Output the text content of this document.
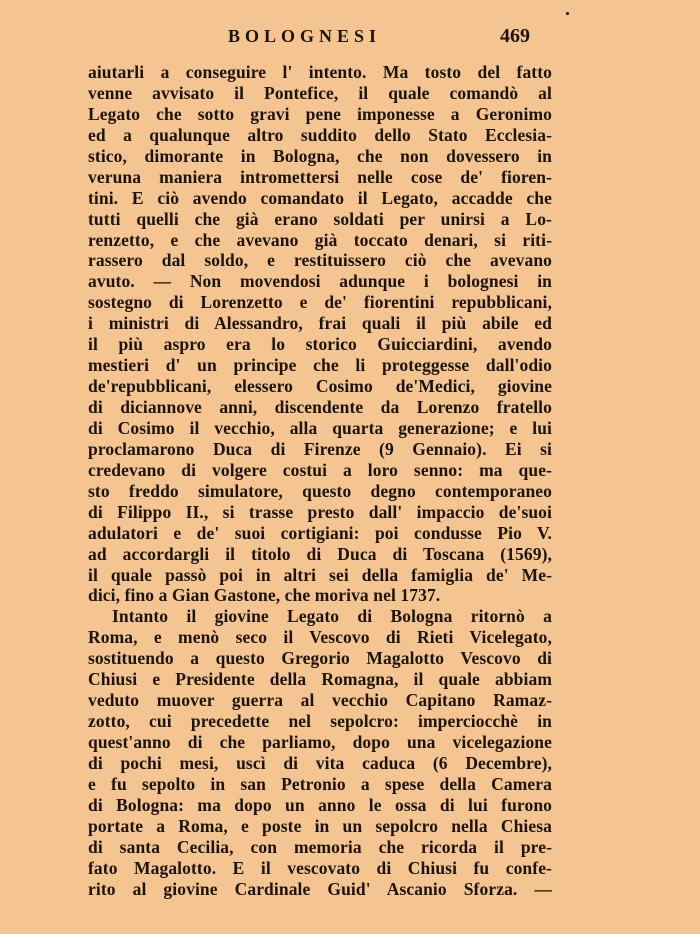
BOLOGNESI	469
aiutarli a conseguire l' intento. Ma tosto del fatto
venne avvisato il Pontefice, il quale comandò al
Legato che sotto gravi pene imponesse a Geronimo
ed a qualunque altro suddito dello Stato Ecclesia-
stico, dimorante in Bologna, che non dovessero in
veruna maniera intromettersi nelle cose de' fioren-
tini. E ciò avendo comandato il Legato, accadde che
tutti quelli che già erano soldati per unirsi a Lo-
renzetto, e che avevano già toccato denari, si riti-
rassero dal soldo, e restituissero ciò che avevano
avuto. — Non movendosi adunque i bolognesi in
sostegno di Lorenzetto e de' fiorentini repubblicani,
i ministri di Alessandro, frai quali il più abile ed
il più aspro era lo storico Guicciardini, avendo
mestieri d' un principe che li proteggesse dall'odio
de'repubblicani, elessero Cosimo de'Medici, giovine
di diciannove anni, discendente da Lorenzo fratello
di Cosimo il vecchio, alla quarta generazione; e lui
proclamarono Duca di Firenze (9 Gennaio). Ei si
credevano di volgere costui a loro senno: ma que-
sto freddo simulatore, questo degno contemporaneo
di Filippo II., si trasse presto dall' impaccio de'suoi
adulatori e de' suoi cortigiani: poi condusse Pio V.
ad accordargli il titolo di Duca di Toscana (1569),
il quale passò poi in altri sei della famiglia de' Me-
dici, fino a Gian Gastone, che moriva nel 1737.
Intanto il giovine Legato di Bologna ritornò a
Roma, e menò seco il Vescovo di Rieti Vicelegato,
sostituendo a questo Gregorio Magalotto Vescovo di
Chiusi e Presidente della Romagna, il quale abbiam
veduto muover guerra al vecchio Capitano Ramaz-
zotto, cui precedette nel sepolcro: imperciocchè in
quest'anno di che parliamo, dopo una vicelegazione
di pochi mesi, uscì di vita caduca (6 Decembre),
e fu sepolto in san Petronio a spese della Camera
di Bologna: ma dopo un anno le ossa di lui furono
portate a Roma, e poste in un sepolcro nella Chiesa
di santa Cecilia, con memoria che ricorda il pre-
fato Magalotto. E il vescovato di Chiusi fu confe-
rito al giovine Cardinale Guid' Ascanio Sforza. —
